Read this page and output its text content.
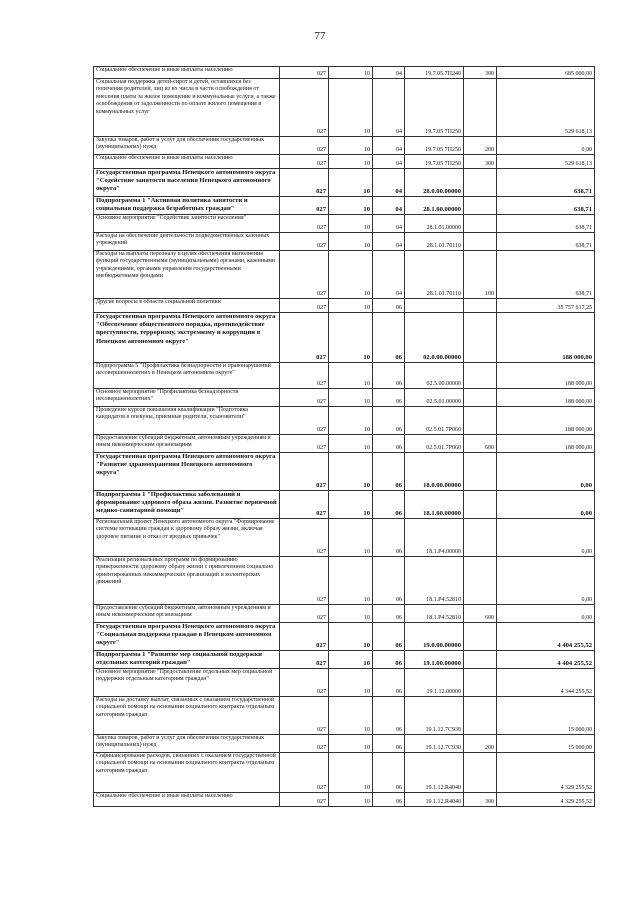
77
Социальное обеспечение и иные выплаты населению	027	10	04	19.7.05.7П240	300	685 000,00
Социальная поддержка детей-сирот и детей, оставшихся без попечения родителей, лиц из их числа в части освобождения от внесения платы за жилое помещение и коммунальные услуги, а также освобождения от задолженности по оплате жилого помещения и коммунальных услуг	027	10	04	19.7.05.7П250		529 618,13
Закупка товаров, работ и услуг для обеспечения государственных (муниципальных) нужд	027	10	04	19.7.05.7П250	200	0,00
Социальное обеспечение и иные выплаты населению	027	10	04	19.7.05.7П250	300	529 618,13
Государственная программа Ненецкого автономного округа "Содействие занятости населения Ненецкого автономного округа"	027	10	04	28.0.00.00000		638,71
Подпрограмма 1 "Активная политика занятости и социальная поддержка безработных граждан"	027	10	04	28.1.00.00000		638,71
Основное мероприятие "Содействие занятости населения"	027	10	04	28.1.01.00000		638,71
Расходы на обеспечение деятельности подведомственных казенных учреждений	027	10	04	28.1.01.70110		638,71
Расходы на выплаты персоналу в целях обеспечения выполнения функций государственными (муниципальными) органами, казенными учреждениями, органами управления государственными внебюджетными фондами	027	10	04	28.1.01.70110	100	638,71
Другие вопросы в области социальной политики	027	10	06			35 757 617,25
Государственная программа Ненецкого автономного округа "Обеспечение общественного порядка, противодействие преступности, терроризму, экстремизму и коррупции в Ненецком автономном округе"	027	10	06	02.0.00.00000		188 000,00
Подпрограмма 5 "Профилактика безнадзорности и правонарушений несовершеннолетних в Ненецком автономном округе"	027	10	06	02.5.00.00000		188 000,00
Основное мероприятие "Профилактика безнадзорности несовершеннолетних"	027	10	06	02.5.01.00000		188 000,00
Проведение курсов повышения квалификации "Подготовка кандидатов в опекуны, приемные родители, усыновители"	027	10	06	02.5.01.7Р060		188 000,00
Предоставление субсидий бюджетным, автономным учреждениям и иным некоммерческим организациям	027	10	06	02.5.01.7Р060	600	188 000,00
Государственная программа Ненецкого автономного округа "Развитие здравоохранения Ненецкого автономного округа"	027	10	06	18.0.00.00000		0,00
Подпрограмма 1 "Профилактика заболеваний и формирование здорового образа жизни. Развитие первичной медико-санитарной помощи"	027	10	06	18.1.00.00000		0,00
Региональный проект Ненецкого автономного округа "Формирование системы мотивации граждан к здоровому образу жизни, включая здоровое питание и отказ от вредных привычек"	027	10	06	18.1.Р4.00000		0,00
Реализация региональных программ по формированию приверженности здоровому образу жизни с привлечением социально ориентированных некоммерческих организаций и волонтерских движений	027	10	06	18.1.Р4.52810		0,00
Предоставление субсидий бюджетным, автономным учреждениям и иным некоммерческим организациям	027	10	06	18.1.Р4.52810	600	0,00
Государственная программа Ненецкого автономного округа "Социальная поддержка граждан в Ненецком автономном округе"	027	10	06	19.0.00.00000		4 404 255,52
Подпрограмма 1 "Развитие мер социальной поддержки отдельных категорий граждан"	027	10	06	19.1.00.00000		4 404 255,52
Основное мероприятие "Предоставление отдельных мер социальной поддержки отдельным категориям граждан"	027	10	06	19.1.12.00000		4 344 255,52
Расходы на доставку выплат, связанных с оказанием государственной социальной помощи на основании социального контракта отдельным категориям граждан	027	10	06	19.1.12.7С930		15 000,00
Закупка товаров, работ и услуг для обеспечения государственных (муниципальных) нужд	027	10	06	19.1.12.7С930	200	15 000,00
Софинансирование расходов, связанных с оказанием государственной социальной помощи на основании социального контракта отдельным категориям граждан	027	10	06	19.1.12.R4040		4 329 255,52
Социальное обеспечение и иные выплаты населению	027	10	06	19.1.12.R4040	300	4 329 255,52
